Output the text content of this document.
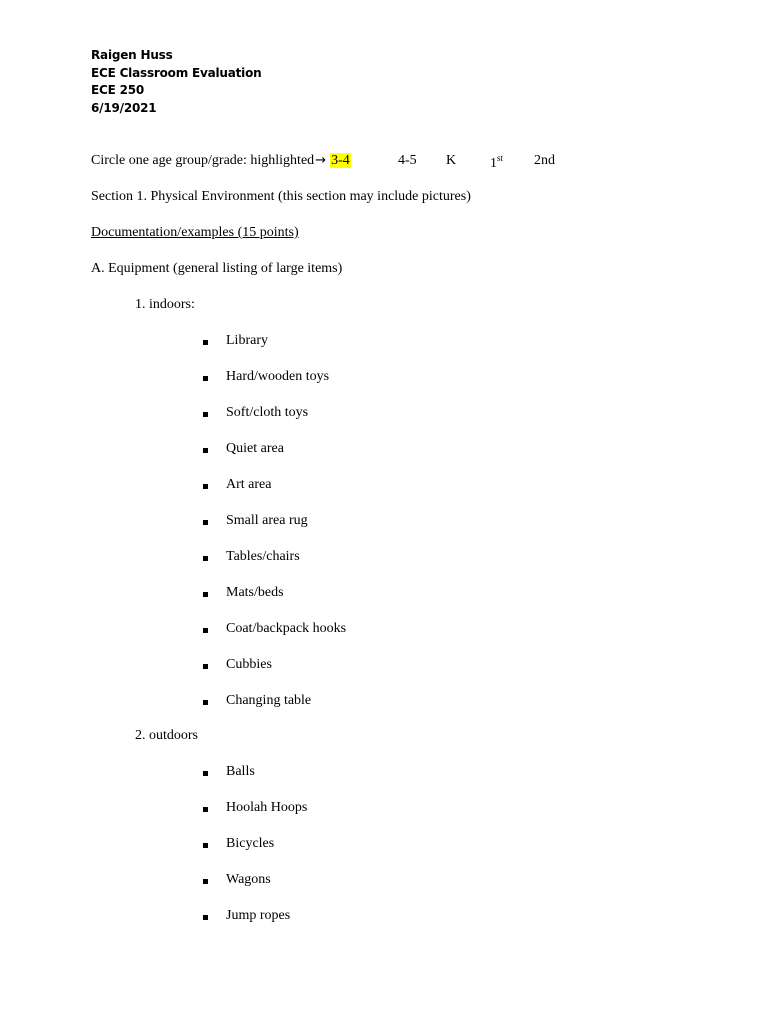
Raigen Huss
ECE Classroom Evaluation
ECE 250
6/19/2021
Circle one age group/grade: highlighted→ 3-4	4-5 K 1st 2nd
Section 1. Physical Environment (this section may include pictures)
Documentation/examples (15 points)
A. Equipment (general listing of large items)
1. indoors:
Library
Hard/wooden toys
Soft/cloth toys
Quiet area
Art area
Small area rug
Tables/chairs
Mats/beds
Coat/backpack hooks
Cubbies
Changing table
2. outdoors
Balls
Hoolah Hoops
Bicycles
Wagons
Jump ropes
